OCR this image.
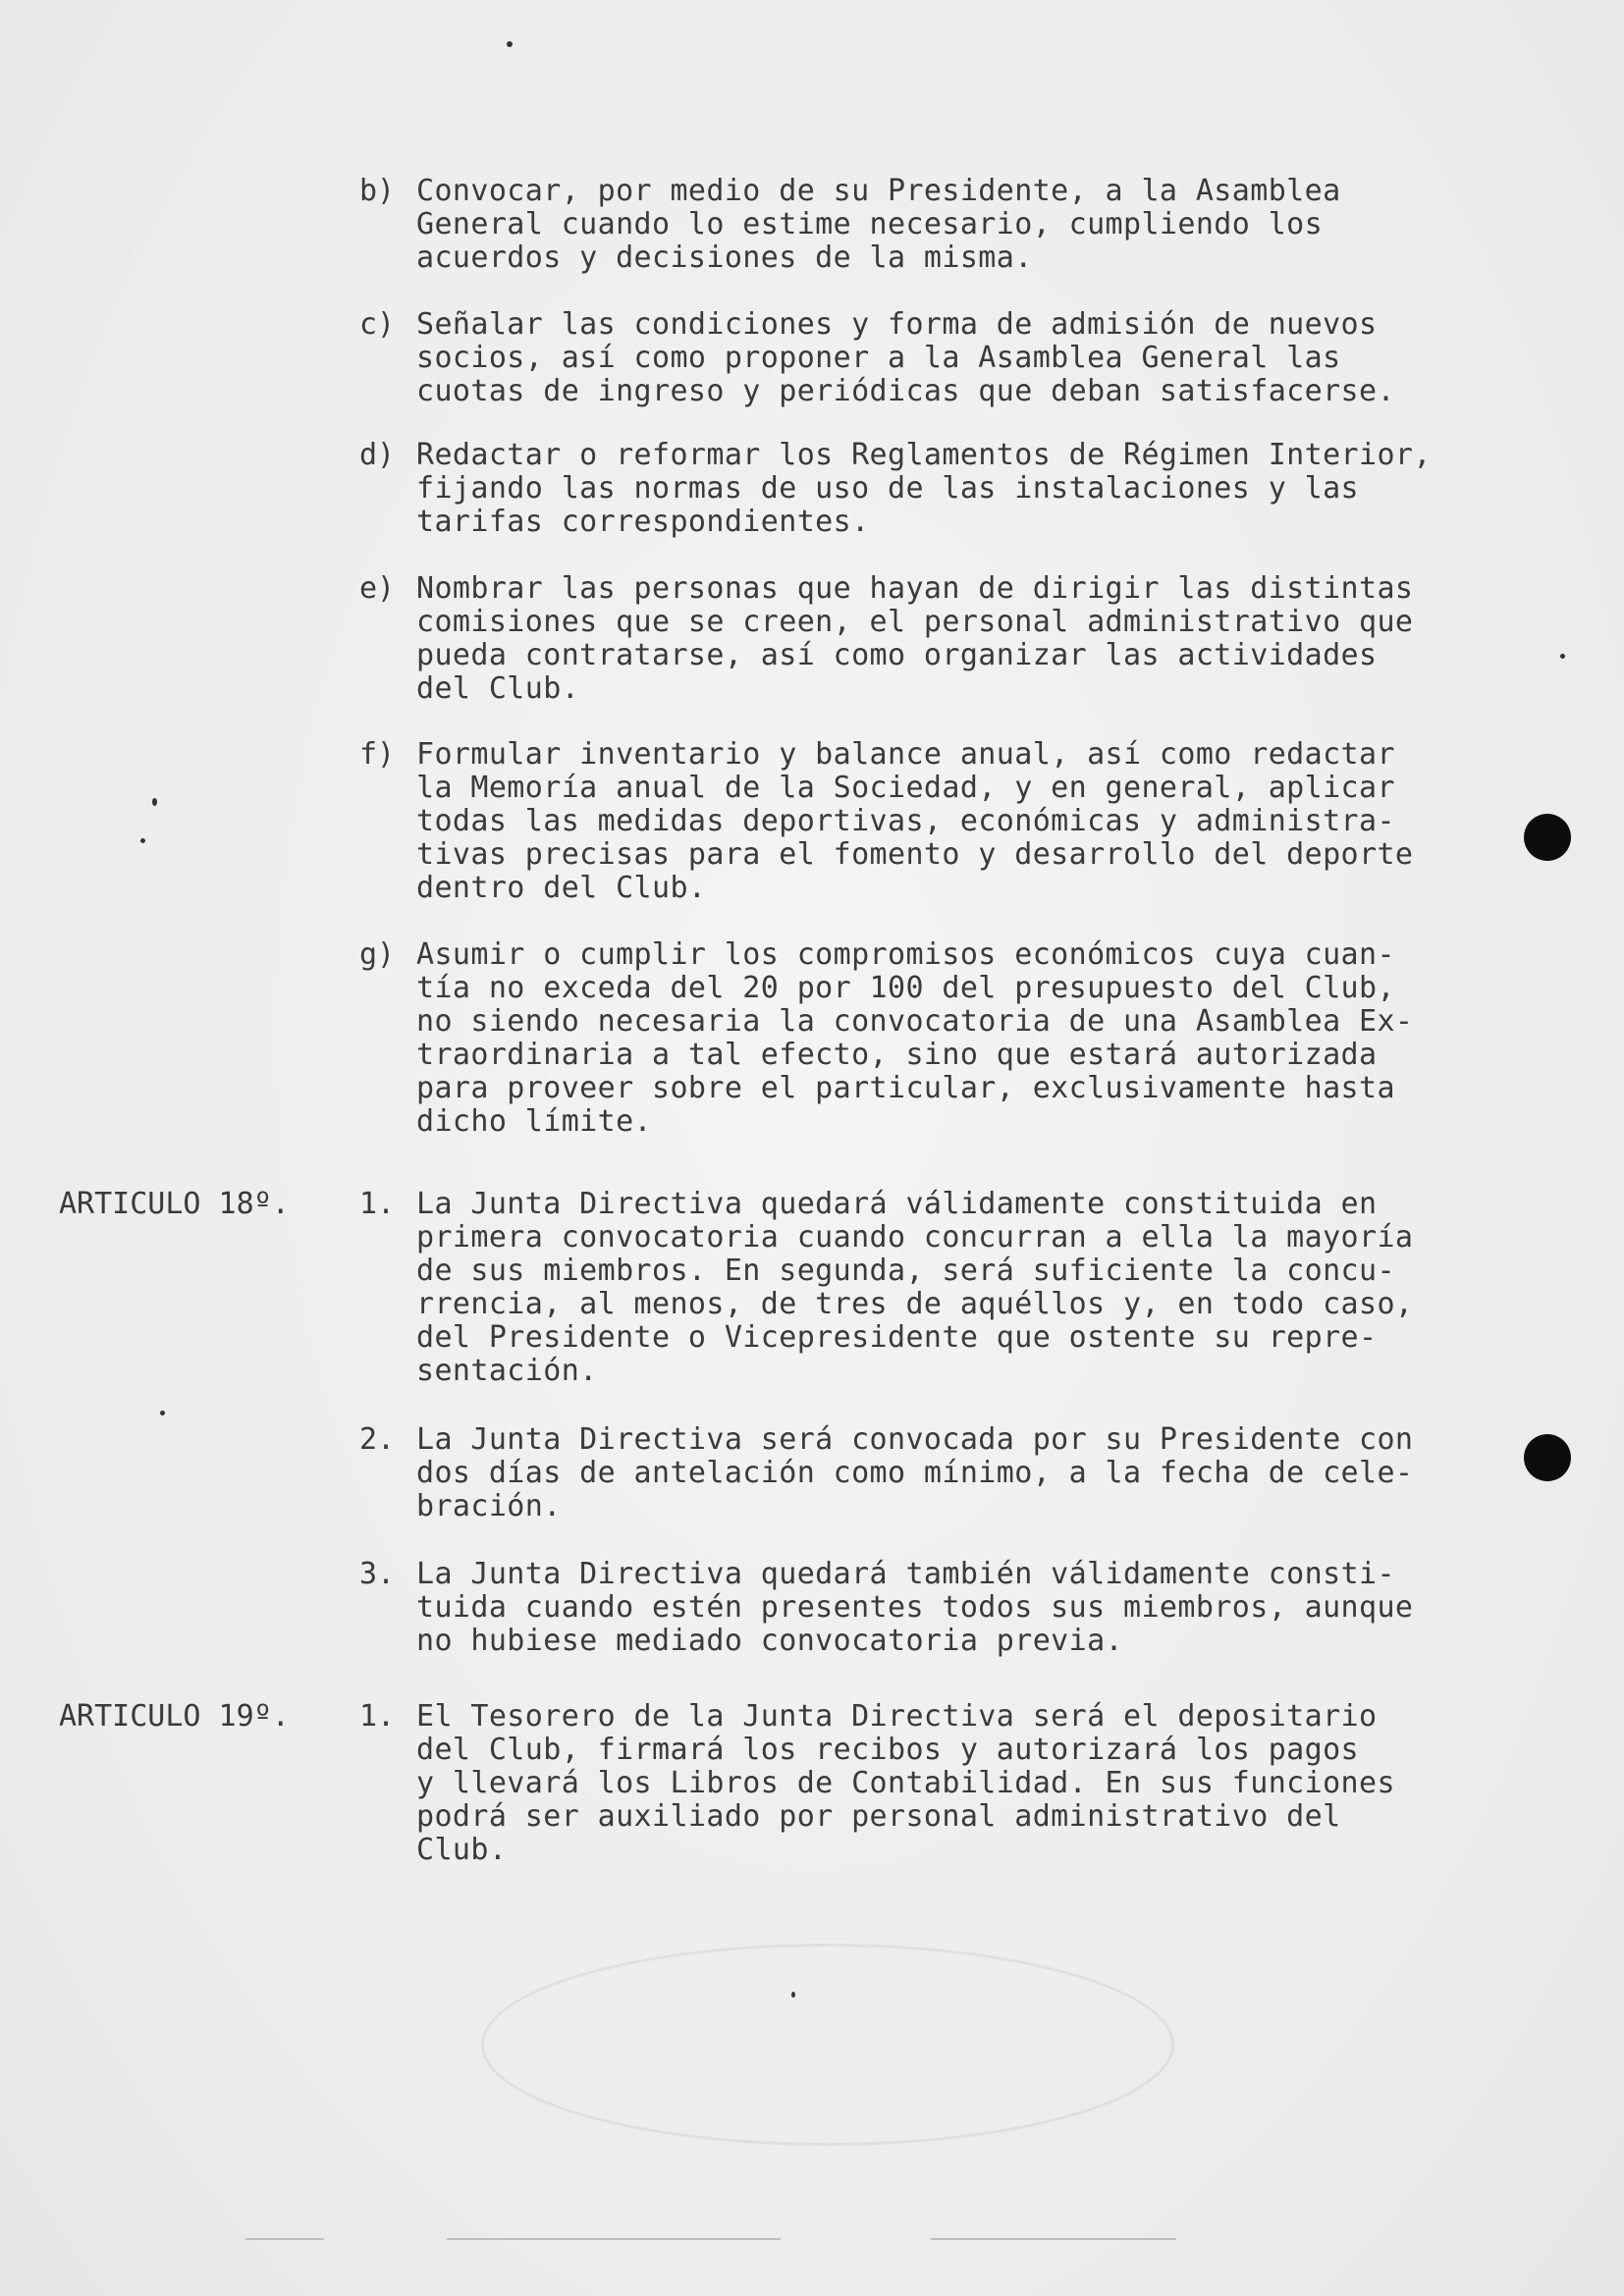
b) Convocar, por medio de su Presidente, a la Asamblea
General cuando lo estime necesario, cumpliendo los
acuerdos y decisiones de la misma.
c) Señalar las condiciones y forma de admisión de nuevos
socios, así como proponer a la Asamblea General las
cuotas de ingreso y periódicas que deban satisfacerse.
d) Redactar o reformar los Reglamentos de Régimen Interior,
fijando las normas de uso de las instalaciones y las
tarifas correspondientes.
e) Nombrar las personas que hayan de dirigir las distintas
comisiones que se creen, el personal administrativo que
pueda contratarse, así como organizar las actividades
del Club.
f) Formular inventario y balance anual, así como redactar
la Memoría anual de la Sociedad, y en general, aplicar
todas las medidas deportivas, económicas y administra-
tivas precisas para el fomento y desarrollo del deporte
dentro del Club.
g) Asumir o cumplir los compromisos económicos cuya cuan-
tía no exceda del 20 por 100 del presupuesto del Club,
no siendo necesaria la convocatoria de una Asamblea Ex-
traordinaria a tal efecto, sino que estará autorizada
para proveer sobre el particular, exclusivamente hasta
dicho límite.
ARTICULO 18º. 1. La Junta Directiva quedará válidamente constituida en
primera convocatoria cuando concurran a ella la mayoría
de sus miembros. En segunda, será suficiente la concu-
rrencia, al menos, de tres de aquéllos y, en todo caso,
del Presidente o Vicepresidente que ostente su repre-
sentación.
2. La Junta Directiva será convocada por su Presidente con
dos días de antelación como mínimo, a la fecha de cele-
bración.
3. La Junta Directiva quedará también válidamente consti-
tuida cuando estén presentes todos sus miembros, aunque
no hubiese mediado convocatoria previa.
ARTICULO 19º. 1. El Tesorero de la Junta Directiva será el depositario
del Club, firmará los recibos y autorizará los pagos
y llevará los Libros de Contabilidad. En sus funciones
podrá ser auxiliado por personal administrativo del
Club.
